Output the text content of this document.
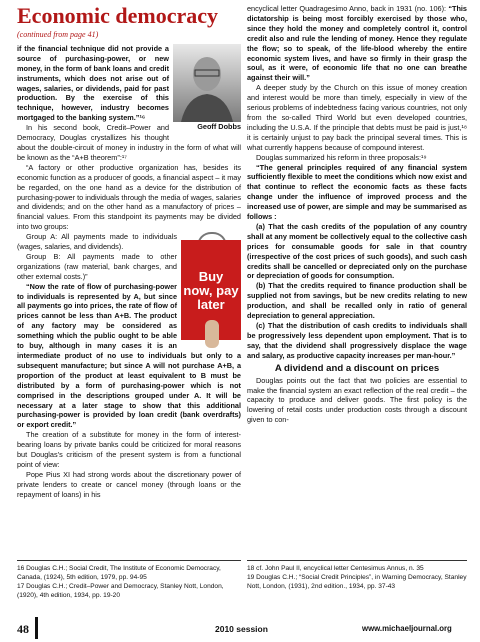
Economic democracy

(continued from page 41)

Geoff Dobbs

if the financial technique did not provide a source of purchasing-power, or new money, in the form of bank loans and credit instruments, which does not arise out of wages, salaries, or dividends, paid for past production. By the exercise of this technique, however, industry becomes mortgaged to the banking system.”¹⁶

In his second book, Credit–Power and Democracy, Douglas crystallizes his thought about the double-circuit of money in industry in the form of what will be known as the “A+B theorem”:¹⁷

“A factory or other productive organization has, besides its economic function as a producer of goods, a financial aspect – it may be regarded, on the one hand as a device for the distribution of purchasing-power to individuals through the media of wages, salaries and dividends; and on the other hand as a manufactory of prices – financial values. From this standpoint its payments may be divided into two groups:

Buy now, pay later

Group A: All payments made to individuals (wages, salaries, and dividends).

Group B: All payments made to other organizations (raw material, bank charges, and other external costs.)”

“Now the rate of flow of purchasing-power to individuals is represented by A, but since all payments go into prices, the rate of flow of prices cannot be less than A+B. The product of any factory may be considered as something which the public ought to be able to buy, although in many cases it is an intermediate product of no use to individuals but only to a subsequent manufacture; but since A will not purchase A+B, a proportion of the product at least equivalent to B must be distributed by a form of purchasing-power which is not comprised in the descriptions grouped under A. It will be necessary at a later stage to show that this additional purchasing-power is provided by loan credit (bank overdrafts) or export credit.”

The creation of a substitute for money in the form of interest-bearing loans by private banks could be criticized for moral reasons but Douglas’s criticism of the present system is from a functional point of view:

Pope Pius XI had strong words about the discretionary power of private lenders to create or cancel money (through loans or the repayment of loans) in his

encyclical letter Quadragesimo Anno, back in 1931 (no. 106): “This dictatorship is being most forcibly exercised by those who, since they hold the money and completely control it, control credit also and rule the lending of money. Hence they regulate the flow; so to speak, of the life-blood whereby the entire economic system lives, and have so firmly in their grasp the soul, as it were, of economic life that no one can breathe against their will.”

A deeper study by the Church on this issue of money creation and interest would be more than timely, especially in view of the serious problems of indebtedness facing various countries, not only from the so-called Third World but even developed countries, including the U.S.A. If the principle that debts must be paid is just,¹⁸ it is certainly unjust to pay back the principal several times. This is what currently happens because of compound interest.

Douglas summarized his reform in three proposals:¹⁹

“The general principles required of any financial system sufficiently flexible to meet the conditions which now exist and that continue to reflect the economic facts as these facts change under the influence of improved process and the increased use of power, are simple and may be summarised as follows :

(a) That the cash credits of the population of any country shall at any moment be collectively equal to the collective cash prices for consumable goods for sale in that country (irrespective of the cost prices of such goods), and such cash credits shall be cancelled or depreciated only on the purchase or depreciation of goods for consumption.

(b) That the credits required to finance production shall be supplied not from savings, but be new credits relating to new production, and shall be recalled only in ratio of general depreciation to general appreciation.

(c) That the distribution of cash credits to individuals shall be progressively less dependent upon employment. That is to say, that the dividend shall progressively displace the wage and salary, as productive capacity increases per man-hour.”

A dividend and a discount on prices

Douglas points out the fact that two policies are essential to make the financial system an exact reflection of the real credit – the capacity to produce and deliver goods. The first policy is the lowering of retail costs under production costs through a discount given to con-

16 Douglas C.H.; Social Credit, The Institute of Economic Democracy, Canada, (1924), 5th edition, 1979, pp. 94-95
17 Douglas C.H.; Credit–Power and Democracy, Stanley Nott, London, (1920), 4th edition, 1934, pp. 19-20
18 cf. John Paul II, encyclical letter Centesimus Annus, n. 35
19 Douglas C.H.; “Social Credit Principles”, in Warning Democracy, Stanley Nott, London, (1931), 2nd edition., 1934, pp. 37-43
48	2010 session	www.michaeljournal.org
